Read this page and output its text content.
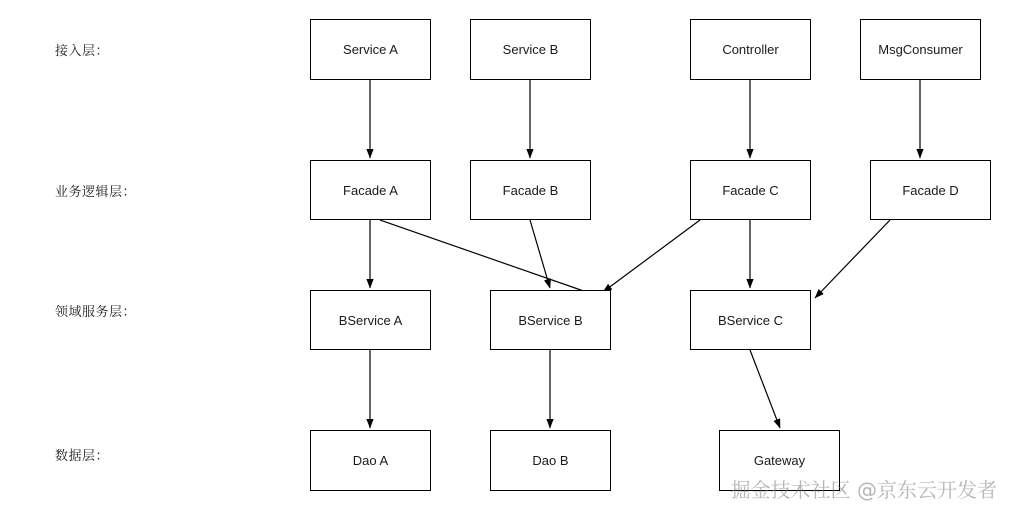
接入层：
业务逻辑层：
领域服务层：
数据层：
Service A	Service B	Controller	MsgConsumer
Facade A	Facade B	Facade C	Facade D
BService A	BService B	BService C
Dao A	Dao B	Gateway
掘金技术社区 @京东云开发者
